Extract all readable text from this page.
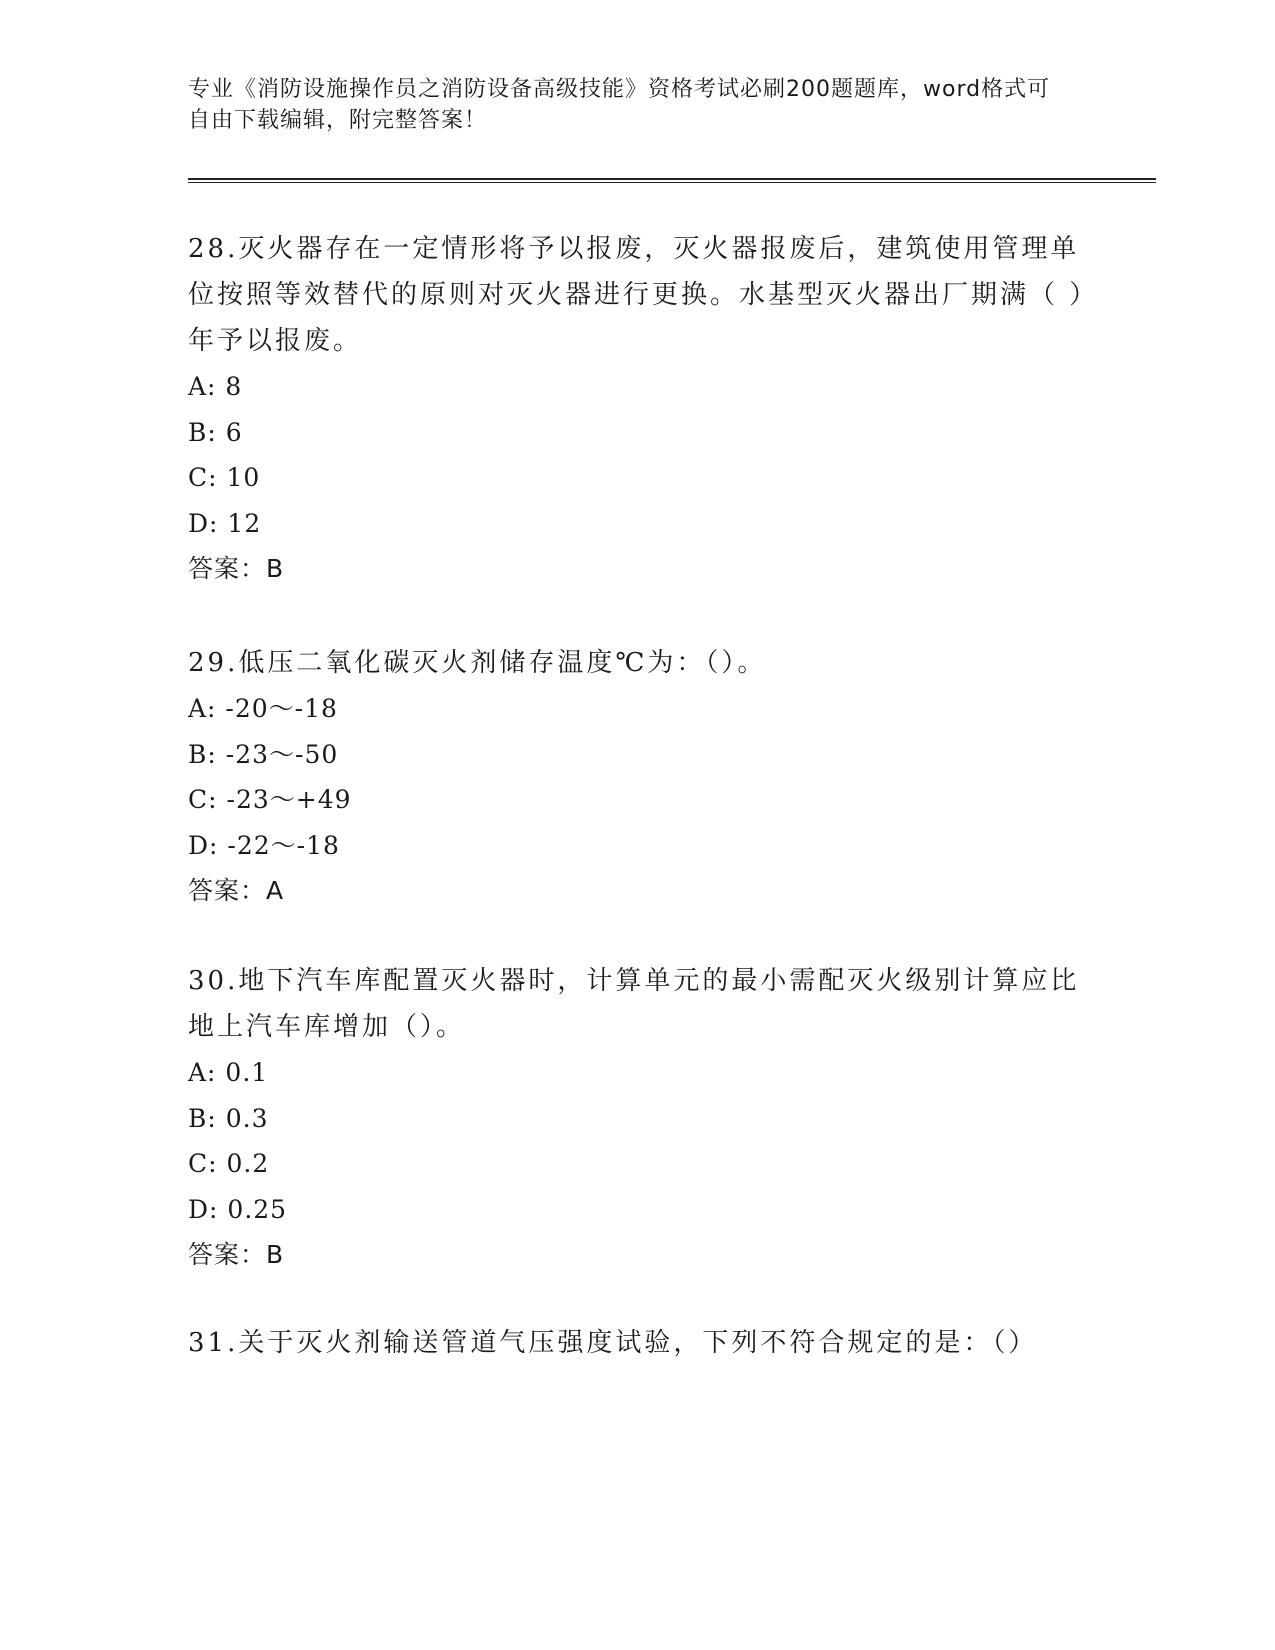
专业《消防设施操作员之消防设备高级技能》资格考试必刷200题题库，word格式可自由下载编辑，附完整答案！

28.灭火器存在一定情形将予以报废，灭火器报废后，建筑使用管理单位按照等效替代的原则对灭火器进行更换。水基型灭火器出厂期满（ ）年予以报废。

A: 8

B: 6

C: 10

D: 12

答案：B

29.低压二氧化碳灭火剂储存温度℃为：（）。

A: -20～-18

B: -23～-50

C: -23～+49

D: -22～-18

答案：A

30.地下汽车库配置灭火器时，计算单元的最小需配灭火级别计算应比地上汽车库增加（）。

A: 0.1

B: 0.3

C: 0.2

D: 0.25

答案：B

31.关于灭火剂输送管道气压强度试验，下列不符合规定的是：（）
